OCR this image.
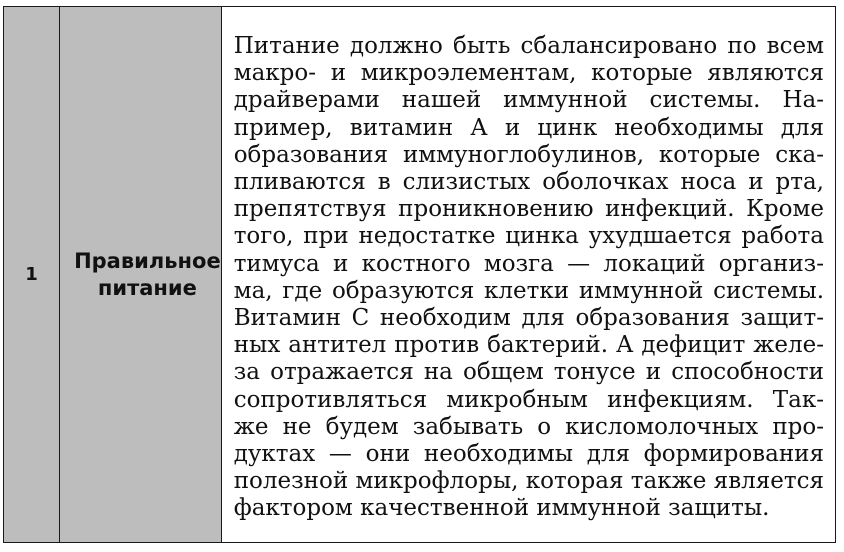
1

Правильное
питание

Питание должно быть сбалансировано по всем
макро- и микроэлементам, которые являются
драйверами нашей иммунной системы. На-
пример, витамин А и цинк необходимы для
образования иммуноглобулинов, которые ска-
пливаются в слизистых оболочках носа и рта,
препятствуя проникновению инфекций. Кроме
того, при недостатке цинка ухудшается работа
тимуса и костного мозга — локаций организ-
ма, где образуются клетки иммунной системы.
Витамин С необходим для образования защит-
ных антител против бактерий. А дефицит желе-
за отражается на общем тонусе и способности
сопротивляться микробным инфекциям. Так-
же не будем забывать о кисломолочных про-
дуктах — они необходимы для формирования
полезной микрофлоры, которая также является
фактором качественной иммунной защиты.
